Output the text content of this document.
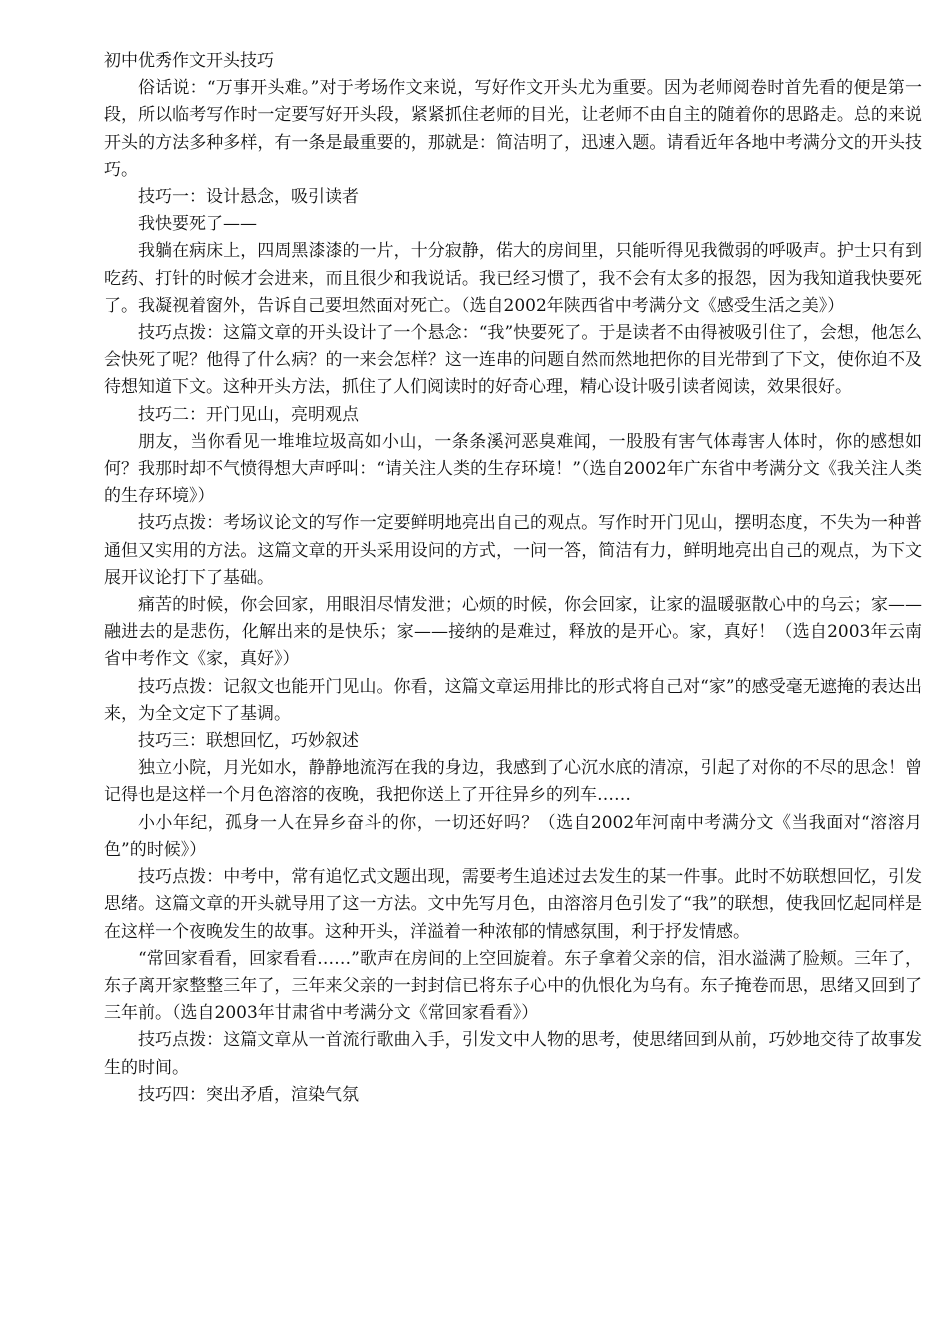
初中优秀作文开头技巧

俗话说：“万事开头难。”对于考场作文来说，写好作文开头尤为重要。因为老师阅卷时首先看的便是第一段，所以临考写作时一定要写好开头段，紧紧抓住老师的目光，让老师不由自主的随着你的思路走。总的来说开头的方法多种多样，有一条是最重要的，那就是：简洁明了，迅速入题。请看近年各地中考满分文的开头技巧。

技巧一：设计悬念，吸引读者

我快要死了——

我躺在病床上，四周黑漆漆的一片，十分寂静，偌大的房间里，只能听得见我微弱的呼吸声。护士只有到吃药、打针的时候才会进来，而且很少和我说话。我已经习惯了，我不会有太多的报怨，因为我知道我快要死了。我凝视着窗外，告诉自己要坦然面对死亡。（选自2002年陕西省中考满分文《感受生活之美》）

技巧点拨：这篇文章的开头设计了一个悬念：“我”快要死了。于是读者不由得被吸引住了，会想，他怎么会快死了呢？他得了什么病？的一来会怎样？这一连串的问题自然而然地把你的目光带到了下文，使你迫不及待想知道下文。这种开头方法，抓住了人们阅读时的好奇心理，精心设计吸引读者阅读，效果很好。

技巧二：开门见山，亮明观点

朋友，当你看见一堆堆垃圾高如小山，一条条溪河恶臭难闻，一股股有害气体毒害人体时，你的感想如何？我那时却不气愤得想大声呼叫：“请关注人类的生存环境！”（选自2002年广东省中考满分文《我关注人类的生存环境》）

技巧点拨：考场议论文的写作一定要鲜明地亮出自己的观点。写作时开门见山，摆明态度，不失为一种普通但又实用的方法。这篇文章的开头采用设问的方式，一问一答，简洁有力，鲜明地亮出自己的观点，为下文展开议论打下了基础。

痛苦的时候，你会回家，用眼泪尽情发泄；心烦的时候，你会回家，让家的温暖驱散心中的乌云；家——融进去的是悲伤，化解出来的是快乐；家——接纳的是难过，释放的是开心。家，真好！（选自2003年云南省中考作文《家，真好》）

技巧点拨：记叙文也能开门见山。你看，这篇文章运用排比的形式将自己对“家”的感受毫无遮掩的表达出来，为全文定下了基调。

技巧三：联想回忆，巧妙叙述

独立小院，月光如水，静静地流泻在我的身边，我感到了心沉水底的清凉，引起了对你的不尽的思念！曾记得也是这样一个月色溶溶的夜晚，我把你送上了开往异乡的列车……

小小年纪，孤身一人在异乡奋斗的你，一切还好吗？（选自2002年河南中考满分文《当我面对“溶溶月色”的时候》）

技巧点拨：中考中，常有追忆式文题出现，需要考生追述过去发生的某一件事。此时不妨联想回忆，引发思绪。这篇文章的开头就导用了这一方法。文中先写月色，由溶溶月色引发了“我”的联想，使我回忆起同样是在这样一个夜晚发生的故事。这种开头，洋溢着一种浓郁的情感氛围，利于抒发情感。

“常回家看看，回家看看……”歌声在房间的上空回旋着。东子拿着父亲的信，泪水溢满了脸颊。三年了，东子离开家整整三年了，三年来父亲的一封封信已将东子心中的仇恨化为乌有。东子掩卷而思，思绪又回到了三年前。（选自2003年甘肃省中考满分文《常回家看看》）

技巧点拨：这篇文章从一首流行歌曲入手，引发文中人物的思考，使思绪回到从前，巧妙地交待了故事发生的时间。

技巧四：突出矛盾，渲染气氛
